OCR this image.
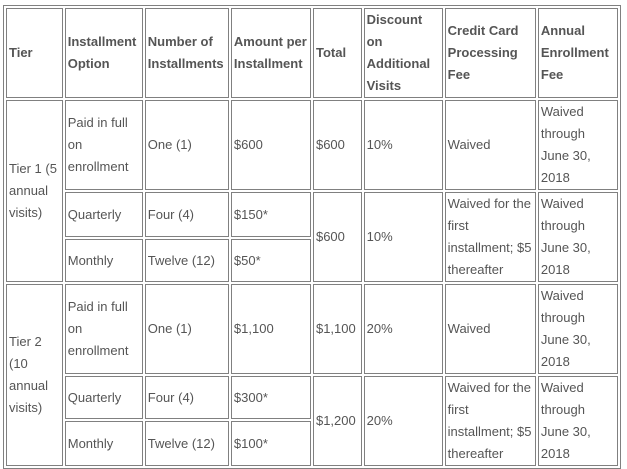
Tier	Installment Option	Number of Installments	Amount per Installment	Total	Discount on Additional Visits	Credit Card Processing Fee	Annual Enrollment Fee
Tier 1 (5 annual visits)	Paid in full on enrollment	One (1)	$600	$600	10%	Waived	Waived through June 30, 2018
	Quarterly	Four (4)	$150*	$600	10%	Waived for the first installment; $5 thereafter	Waived through June 30, 2018
	Monthly	Twelve (12)	$50*				
Tier 2 (10 annual visits)	Paid in full on enrollment	One (1)	$1,100	$1,100	20%	Waived	Waived through June 30, 2018
	Quarterly	Four (4)	$300*	$1,200	20%	Waived for the first installment; $5 thereafter	Waived through June 30, 2018
	Monthly	Twelve (12)	$100*				
